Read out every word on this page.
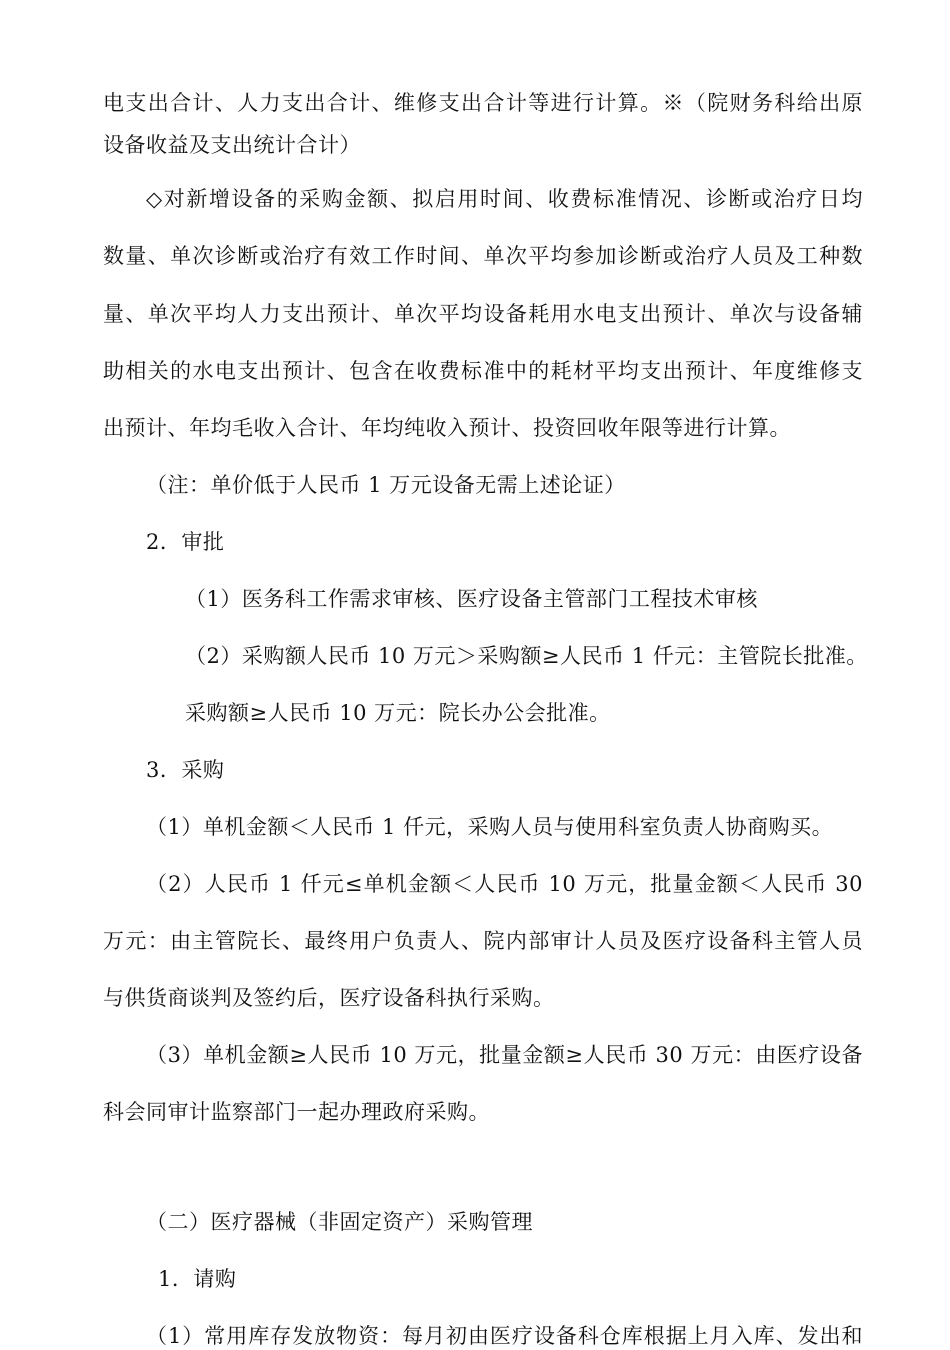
电支出合计、人力支出合计、维修支出合计等进行计算。※（院财务科给出原
设备收益及支出统计合计）
◇对新增设备的采购金额、拟启用时间、收费标准情况、诊断或治疗日均
数量、单次诊断或治疗有效工作时间、单次平均参加诊断或治疗人员及工种数
量、单次平均人力支出预计、单次平均设备耗用水电支出预计、单次与设备辅
助相关的水电支出预计、包含在收费标准中的耗材平均支出预计、年度维修支
出预计、年均毛收入合计、年均纯收入预计、投资回收年限等进行计算。
（注：单价低于人民币 1 万元设备无需上述论证）
2．审批
（1）医务科工作需求审核、医疗设备主管部门工程技术审核
（2）采购额人民币 10 万元＞采购额≥人民币 1 仟元：主管院长批准。
采购额≥人民币 10 万元：院长办公会批准。
3．采购
（1）单机金额＜人民币 1 仟元，采购人员与使用科室负责人协商购买。
（2）人民币 1 仟元≤单机金额＜人民币 10 万元，批量金额＜人民币 30
万元：由主管院长、最终用户负责人、院内部审计人员及医疗设备科主管人员
与供货商谈判及签约后，医疗设备科执行采购。
（3）单机金额≥人民币 10 万元，批量金额≥人民币 30 万元：由医疗设备
科会同审计监察部门一起办理政府采购。
（二）医疗器械（非固定资产）采购管理
1．请购
（1）常用库存发放物资：每月初由医疗设备科仓库根据上月入库、发出和
